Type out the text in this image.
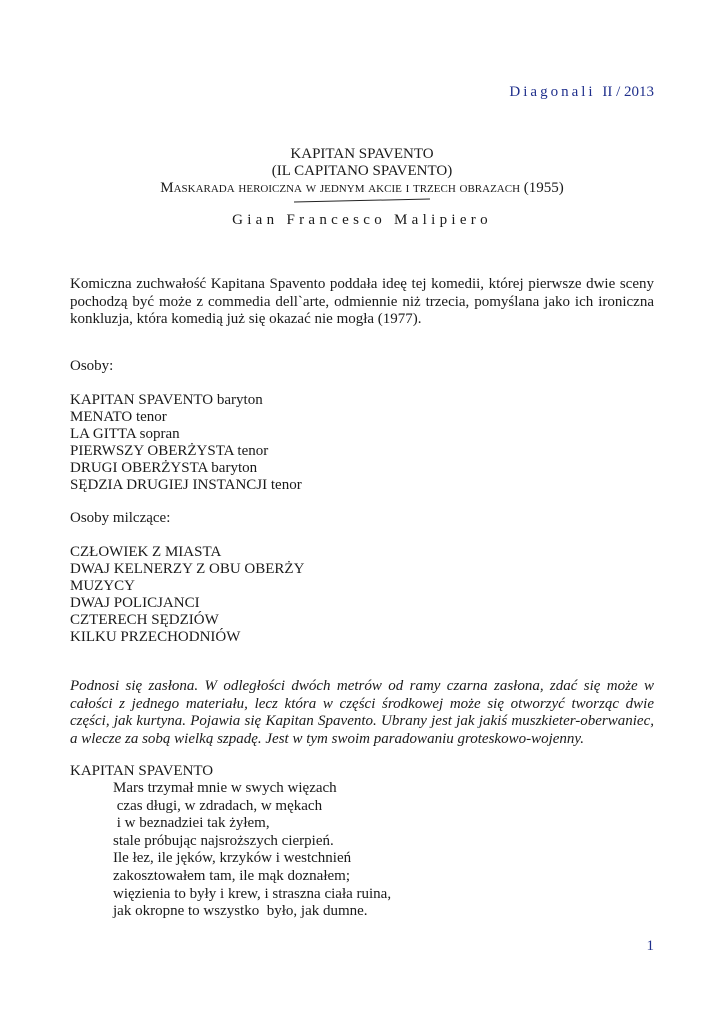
Diagonali II / 2013
KAPITAN SPAVENTO
(IL CAPITANO SPAVENTO)
Maskarada heroiczna w jednym akcie i trzech obrazach (1955)
Gian Francesco Malipiero

Komiczna zuchwałość Kapitana Spavento poddała ideę tej komedii, której pierwsze dwie sceny pochodzą być może z commedia dell`arte, odmiennie niż trzecia, pomyślana jako ich ironiczna konkluzja, która komedią już się okazać nie mogła (1977).

Osoby:

KAPITAN SPAVENTO baryton

MENATO tenor

LA GITTA sopran

PIERWSZY OBERŻYSTA tenor

DRUGI OBERŻYSTA baryton

SĘDZIA DRUGIEJ INSTANCJI tenor

Osoby milczące:

CZŁOWIEK Z MIASTA

DWAJ KELNERZY Z OBU OBERŻY

MUZYCY

DWAJ POLICJANCI

CZTERECH SĘDZIÓW

KILKU PRZECHODNIÓW

Podnosi się zasłona. W odległości dwóch metrów od ramy czarna zasłona, zdać się może w całości z jednego materiału, lecz która w części środkowej może się otworzyć tworząc dwie części, jak kurtyna. Pojawia się Kapitan Spavento. Ubrany jest jak jakiś muszkieter-oberwaniec, a wlecze za sobą wielką szpadę. Jest w tym swoim paradowaniu groteskowo-wojenny.

KAPITAN SPAVENTO

Mars trzymał mnie w swych więzach

czas długi, w zdradach, w mękach

i w beznadziei tak żyłem,

stale próbując najsroższych cierpień.

Ile łez, ile jęków, krzyków i westchnień

zakosztowałem tam, ile mąk doznałem;

więzienia to były i krew, i straszna ciała ruina,

jak okropne to wszystko  było, jak dumne.

1
